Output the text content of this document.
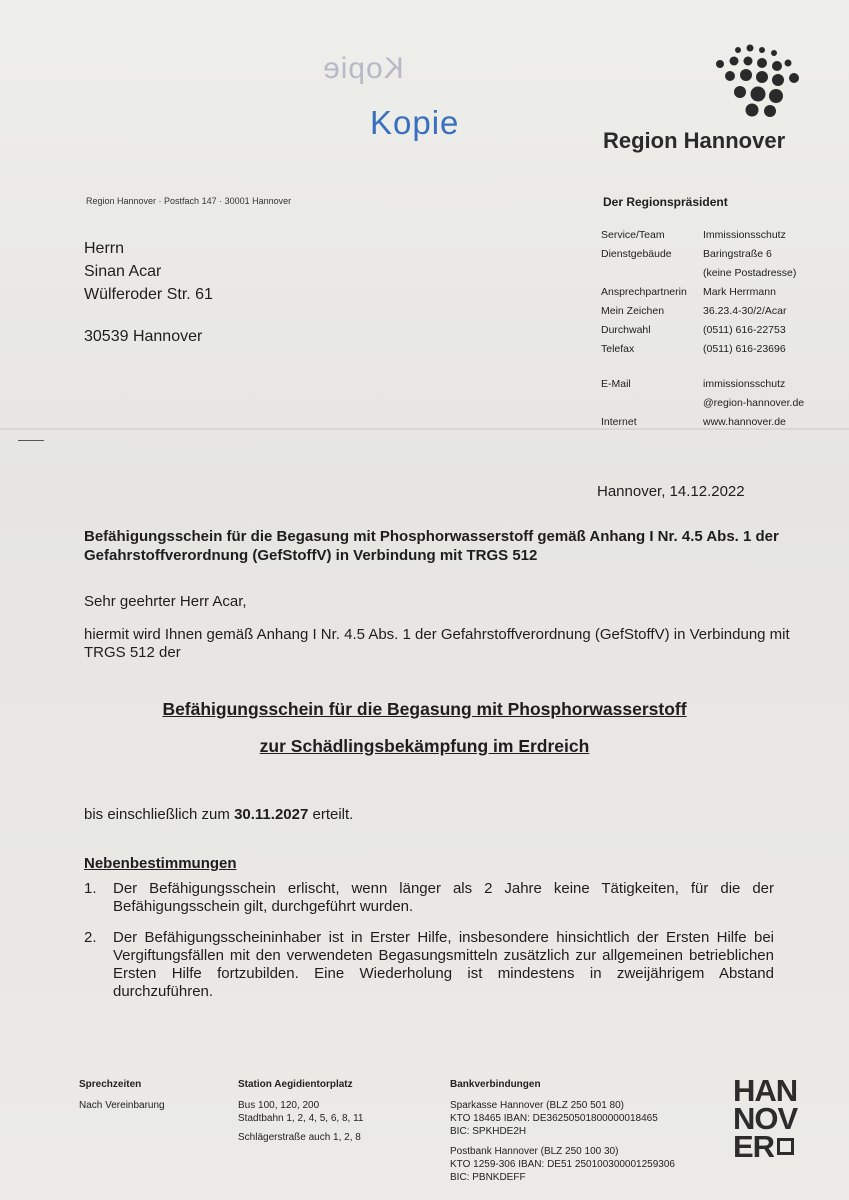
Kopie
Kopie	Region Hannover
Region Hannover · Postfach 147 · 30001 Hannover
Herrn
Sinan Acar
Wülferoder Str. 61
30539 Hannover
Der Regionspräsident
Service/Team	Immissionsschutz
Dienstgebäude	Baringstraße 6
(keine Postadresse)
Ansprechpartnerin	Mark Herrmann
Mein Zeichen	36.23.4-30/2/Acar
Durchwahl	(0511) 616-22753
Telefax	(0511) 616-23696
E-Mail	immissionsschutz
@region-hannover.de
Internet	www.hannover.de
Hannover, 14.12.2022
Befähigungsschein für die Begasung mit Phosphorwasserstoff gemäß Anhang I Nr. 4.5 Abs. 1 der Gefahrstoffverordnung (GefStoffV) in Verbindung mit TRGS 512
Sehr geehrter Herr Acar,
hiermit wird Ihnen gemäß Anhang I Nr. 4.5 Abs. 1 der Gefahrstoffverordnung (GefStoffV) in Verbindung mit TRGS 512 der
Befähigungsschein für die Begasung mit Phosphorwasserstoff
zur Schädlingsbekämpfung im Erdreich
bis einschließlich zum 30.11.2027 erteilt.
Nebenbestimmungen
1.	Der Befähigungsschein erlischt, wenn länger als 2 Jahre keine Tätigkeiten, für die der Befähigungsschein gilt, durchgeführt wurden.
2.	Der Befähigungsscheininhaber ist in Erster Hilfe, insbesondere hinsichtlich der Ersten Hilfe bei Vergiftungsfällen mit den verwendeten Begasungsmitteln zusätzlich zur allgemeinen betrieblichen Ersten Hilfe fortzubilden. Eine Wiederholung ist mindestens in zweijährigem Abstand durchzuführen.
Sprechzeiten
Nach Vereinbarung
Station Aegidientorplatz
Bus 100, 120, 200
Stadtbahn 1, 2, 4, 5, 6, 8, 11
Schlägerstraße auch 1, 2, 8
Bankverbindungen
Sparkasse Hannover (BLZ 250 501 80)
KTO 18465 IBAN: DE36250501800000018465
BIC: SPKHDE2H
Postbank Hannover (BLZ 250 100 30)
KTO 1259-306 IBAN: DE51 250100300001259306
BIC: PBNKDEFF
HAN
NOV
ER
